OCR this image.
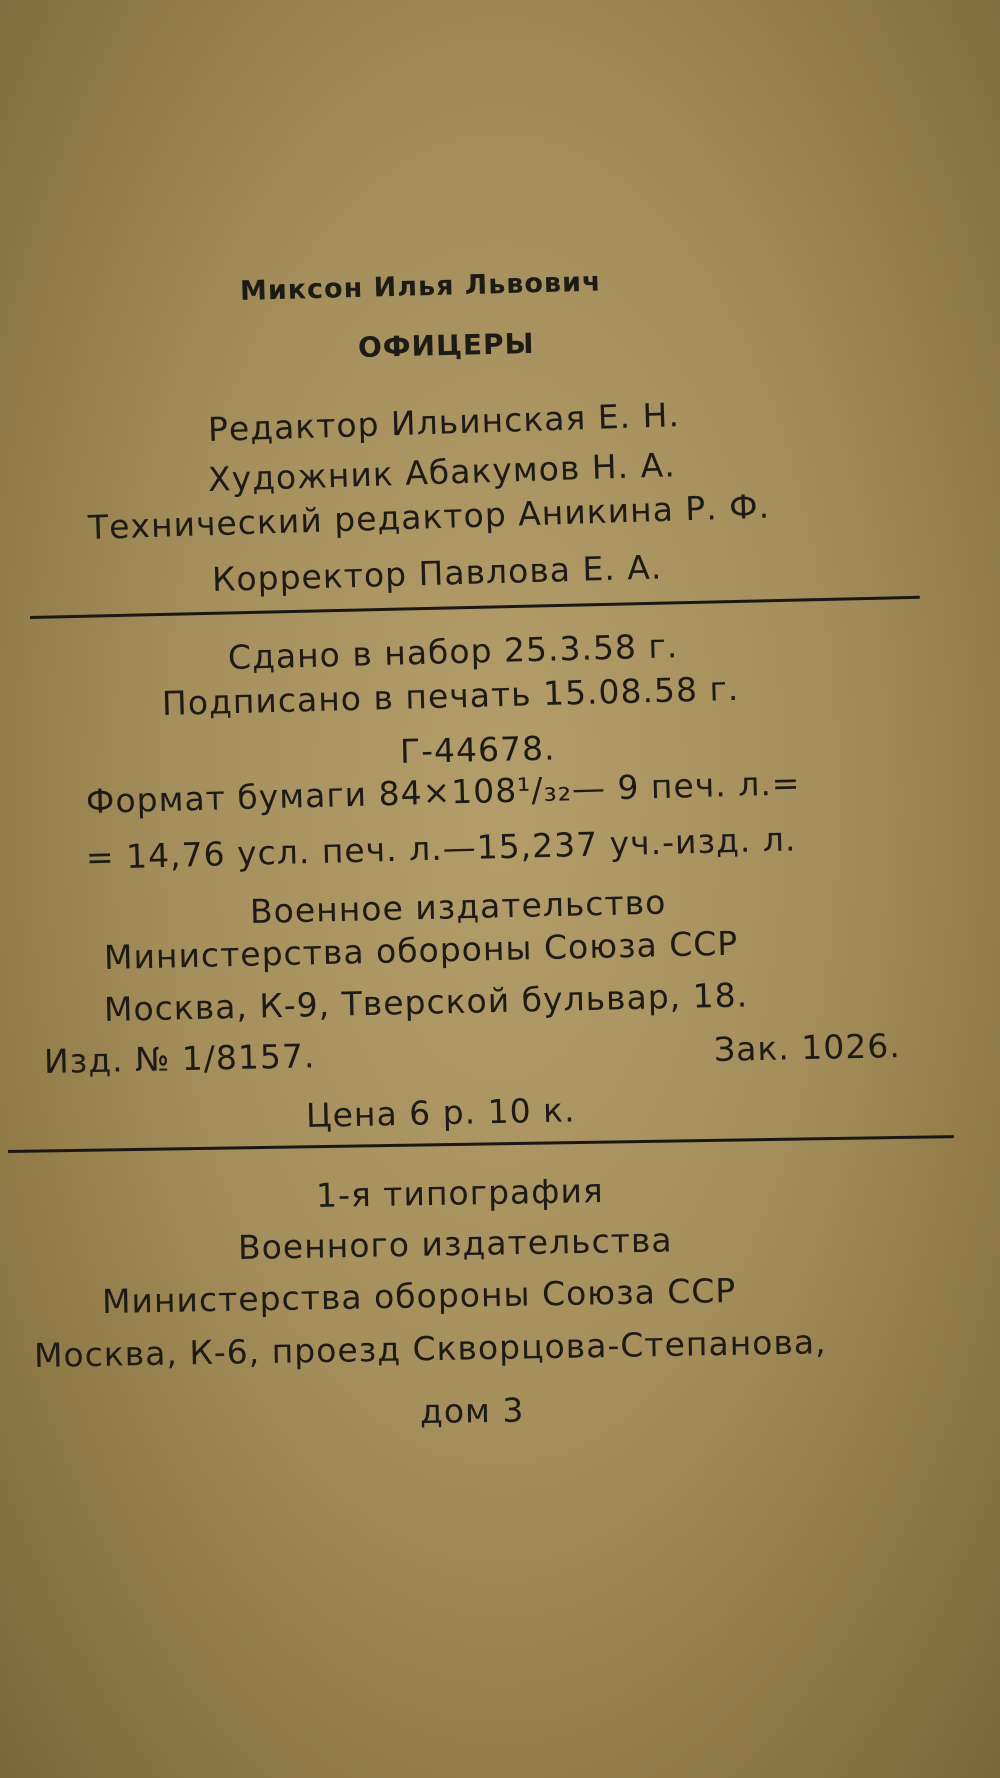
Миксон Илья Львович
ОФИЦЕРЫ
Редактор Ильинская Е. Н.
Художник Абакумов Н. А.
Технический редактор Аникина Р. Ф.
Корректор Павлова Е. А.
Сдано в набор 25.3.58 г.
Подписано в печать 15.08.58 г.
Г-44678.
Формат бумаги 84×108¹/₃₂— 9 печ. л.=
= 14,76 усл. печ. л.—15,237 уч.-изд. л.
Военное издательство
Министерства обороны Союза ССР
Москва, К-9, Тверской бульвар, 18.
Изд. № 1/8157.	Зак. 1026.
Цена 6 р. 10 к.
1-я типография
Военного издательства
Министерства обороны Союза ССР
Москва, К-6, проезд Скворцова-Степанова,
дом 3
